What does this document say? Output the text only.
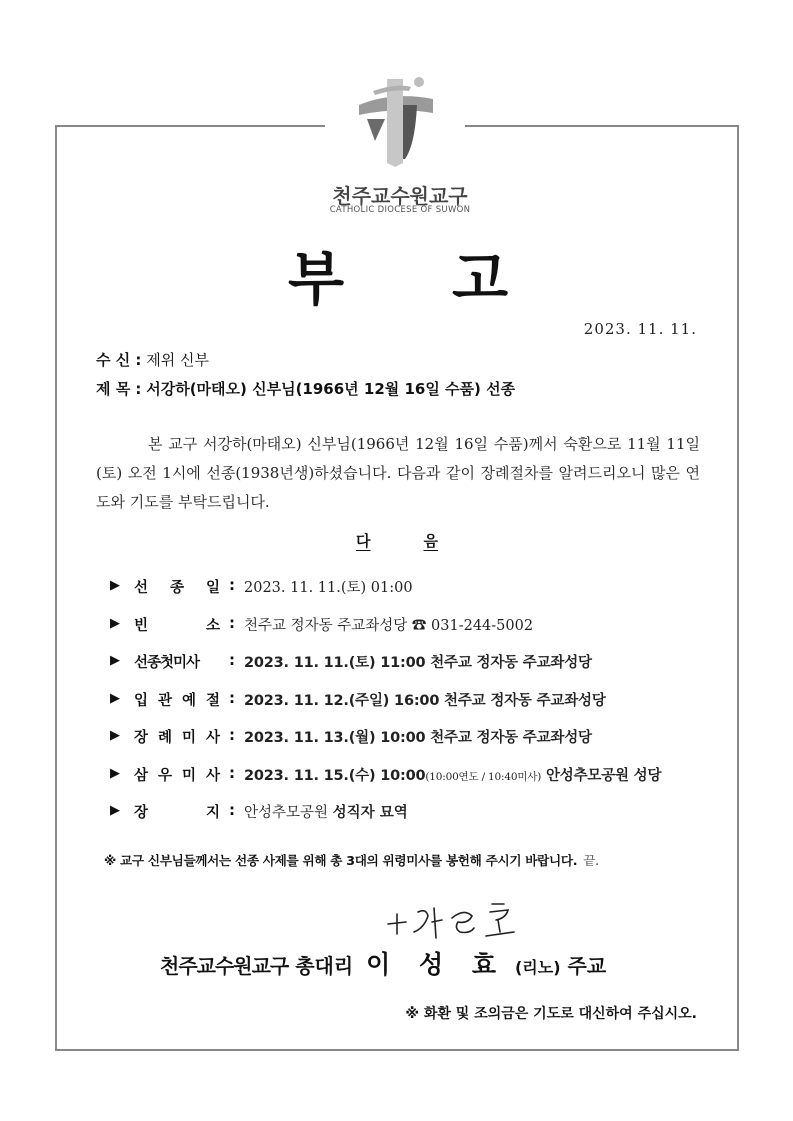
천주교수원교구
CATHOLIC DIOCESE OF SUWON
부 고
2023. 11. 11.
수 신 : 제위 신부
제 목 : 서강하(마태오) 신부님(1966년 12월 16일 수품) 선종
본 교구 서강하(마태오) 신부님(1966년 12월 16일 수품)께서 숙환으로 11월 11일(토) 오전 1시에 선종(1938년생)하셨습니다. 다음과 같이 장례절차를 알려드리오니 많은 연도와 기도를 부탁드립니다.
다	음
▶ 선 종 일 : 2023. 11. 11.(토) 01:00
▶ 빈	소 : 천주교 정자동 주교좌성당 ☎ 031-244-5002
▶ 선종첫미사	: 2023. 11. 11.(토) 11:00 천주교 정자동 주교좌성당
▶ 입 관 예 절 : 2023. 11. 12.(주일) 16:00 천주교 정자동 주교좌성당
▶ 장 례 미 사 : 2023. 11. 13.(월) 10:00 천주교 정자동 주교좌성당
▶ 삼 우 미 사 : 2023. 11. 15.(수) 10:00(10:00연도 / 10:40미사) 안성추모공원 성당
▶ 장	지 : 안성추모공원 성직자 묘역
※ 교구 신부님들께서는 선종 사제를 위해 총 3대의 위령미사를 봉헌해 주시기 바랍니다. 끝.
천주교수원교구 총대리 이 성 효 (리노) 주교
※ 화환 및 조의금은 기도로 대신하여 주십시오.
